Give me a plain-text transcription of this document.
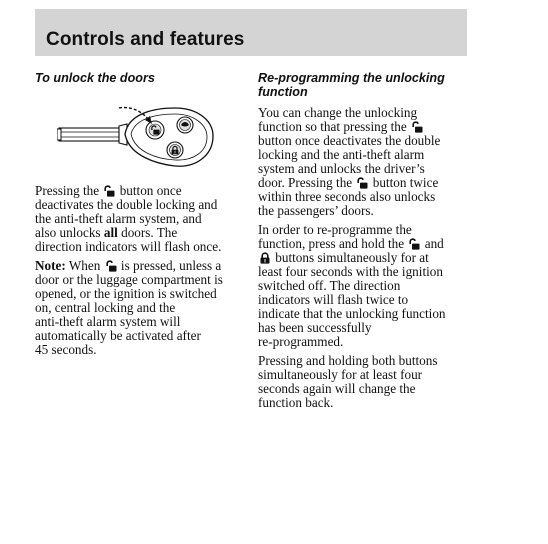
Controls and features
To unlock the doors

Pressing the button once
deactivates the double locking and
the anti-theft alarm system, and
also unlocks all doors. The
direction indicators will flash once.

Note: When is pressed, unless a
door or the luggage compartment is
opened, or the ignition is switched
on, central locking and the
anti-theft alarm system will
automatically be activated after
45 seconds.

Re-programming the unlocking
function

You can change the unlocking
function so that pressing the
button once deactivates the double
locking and the anti-theft alarm
system and unlocks the driver’s
door. Pressing the button twice
within three seconds also unlocks
the passengers’ doors.

In order to re-programme the
function, press and hold the and
buttons simultaneously for at
least four seconds with the ignition
switched off. The direction
indicators will flash twice to
indicate that the unlocking function
has been successfully
re-programmed.

Pressing and holding both buttons
simultaneously for at least four
seconds again will change the
function back.
